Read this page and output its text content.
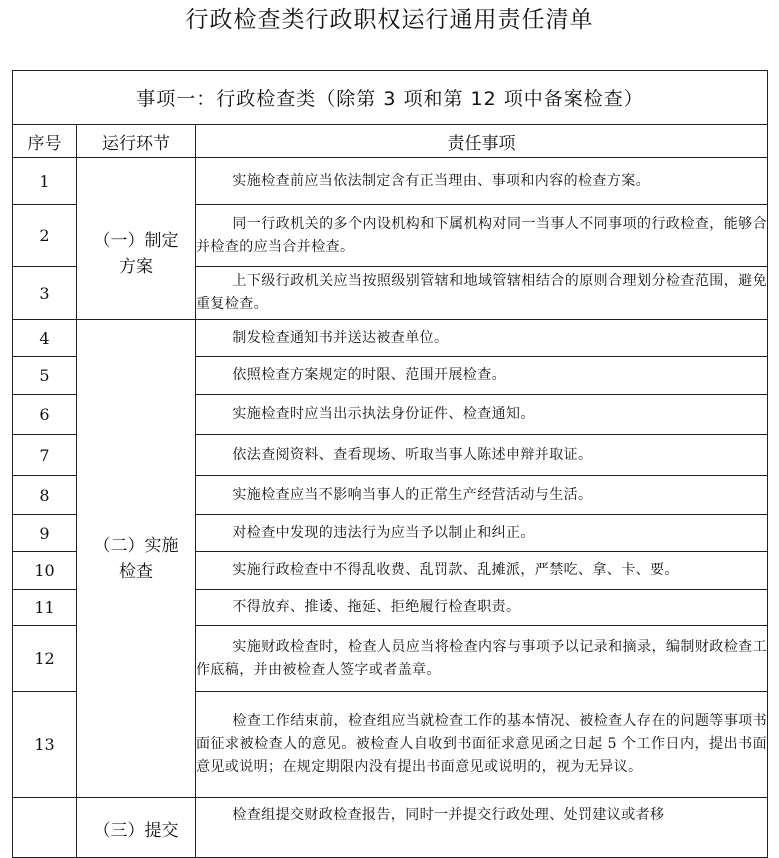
行政检查类行政职权运行通用责任清单
事项一：行政检查类（除第 3 项和第 12 项中备案检查）		
序号	运行环节	责任事项
1	（一）制定方案	实施检查前应当依法制定含有正当理由、事项和内容的检查方案。
2		同一行政机关的多个内设机构和下属机构对同一当事人不同事项的行政检查，能够合并检查的应当合并检查。
3		上下级行政机关应当按照级别管辖和地域管辖相结合的原则合理划分检查范围，避免重复检查。
4	（二）实施检查	制发检查通知书并送达被查单位。
5		依照检查方案规定的时限、范围开展检查。
6		实施检查时应当出示执法身份证件、检查通知。
7		依法查阅资料、查看现场、听取当事人陈述申辩并取证。
8		实施检查应当不影响当事人的正常生产经营活动与生活。
9		对检查中发现的违法行为应当予以制止和纠正。
10		实施行政检查中不得乱收费、乱罚款、乱摊派，严禁吃、拿、卡、要。
11		不得放弃、推诿、拖延、拒绝履行检查职责。
12		实施财政检查时，检查人员应当将检查内容与事项予以记录和摘录，编制财政检查工作底稿，并由被检查人签字或者盖章。
13		检查工作结束前，检查组应当就检查工作的基本情况、被检查人存在的问题等事项书面征求被检查人的意见。被检查人自收到书面征求意见函之日起 5 个工作日内，提出书面意见或说明；在规定期限内没有提出书面意见或说明的，视为无异议。

	（三）提交	检查组提交财政检查报告，同时一并提交行政处理、处罚建议或者移
